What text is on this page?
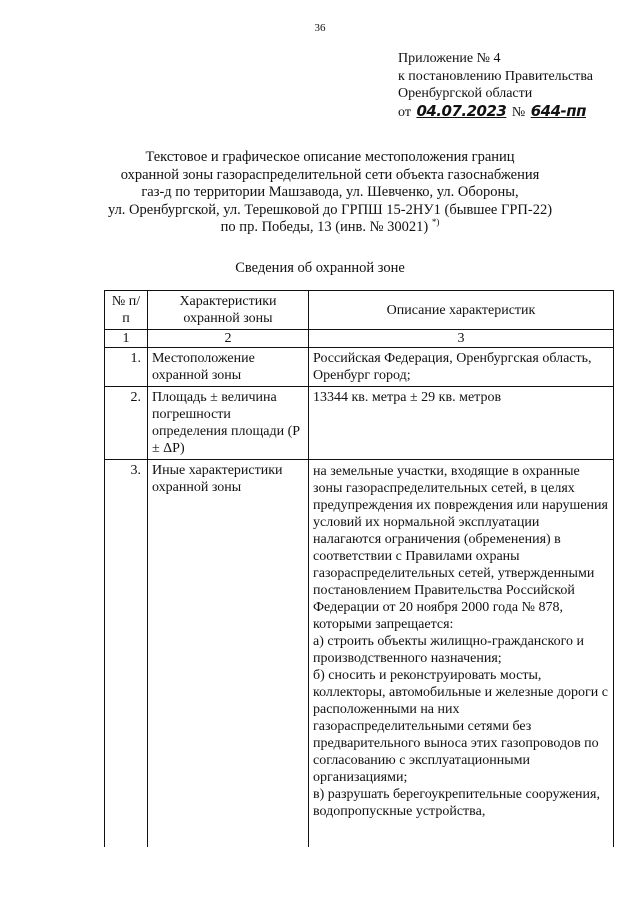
36
Приложение № 4
к постановлению Правительства
Оренбургской области
от 04.07.2023 № 644-пп
Текстовое и графическое описание местоположения границ
охранной зоны газораспределительной сети объекта газоснабжения
газ-д по территории Машзавода, ул. Шевченко, ул. Обороны,
ул. Оренбургской, ул. Терешковой до ГРПШ 15-2НУ1 (бывшее ГРП-22)
по пр. Победы, 13 (инв. № 30021) *)
Сведения об охранной зоне
№ п/п	Характеристики охранной зоны	Описание характеристик
1	2	3
1.	Местоположение охранной зоны	Российская Федерация, Оренбургская область, Оренбург город;
2.	Площадь ± величина погрешности определения площади (P ± ΔP)	13344 кв. метра ± 29 кв. метров
3.	Иные характеристики охранной зоны	на земельные участки, входящие в охранные зоны газораспределительных сетей, в целях предупреждения их повреждения или нарушения условий их нормальной эксплуатации налагаются ограничения (обременения) в соответствии с Правилами охраны газораспределительных сетей, утвержденными постановлением Правительства Российской Федерации от 20 ноября 2000 года № 878, которыми запрещается:
а) строить объекты жилищно-гражданского и производственного назначения;
б) сносить и реконструировать мосты, коллекторы, автомобильные и железные дороги с расположенными на них газораспределительными сетями без предварительного выноса этих газопроводов по согласованию с эксплуатационными организациями;
в) разрушать берегоукрепительные сооружения, водопропускные устройства,
